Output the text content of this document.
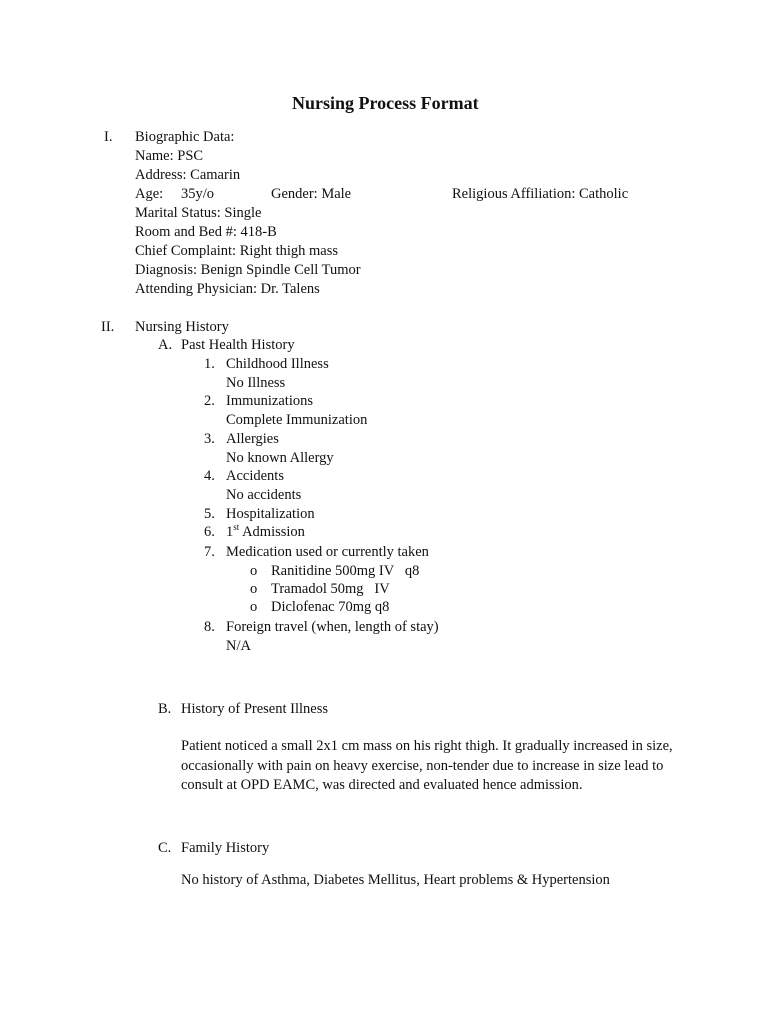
Nursing Process Format
I. Biographic Data:
Name: PSC
Address: Camarin
Age: 35y/o	Gender: Male	Religious Affiliation: Catholic
Marital Status: Single
Room and Bed #: 418-B
Chief Complaint: Right thigh mass
Diagnosis: Benign Spindle Cell Tumor
Attending Physician: Dr. Talens
II. Nursing History
A. Past Health History
1. Childhood Illness
No Illness
2. Immunizations
Complete Immunization
3. Allergies
No known Allergy
4. Accidents
No accidents
5. Hospitalization
6. 1st Admission
7. Medication used or currently taken
o Ranitidine 500mg IV   q8
o Tramadol 50mg   IV
o Diclofenac 70mg q8
8. Foreign travel (when, length of stay)
N/A
B. History of Present Illness
Patient noticed a small 2x1 cm mass on his right thigh. It gradually increased in size,
occasionally with pain on heavy exercise, non-tender due to increase in size lead to
consult at OPD EAMC, was directed and evaluated hence admission.
C. Family History
No history of Asthma, Diabetes Mellitus, Heart problems & Hypertension
